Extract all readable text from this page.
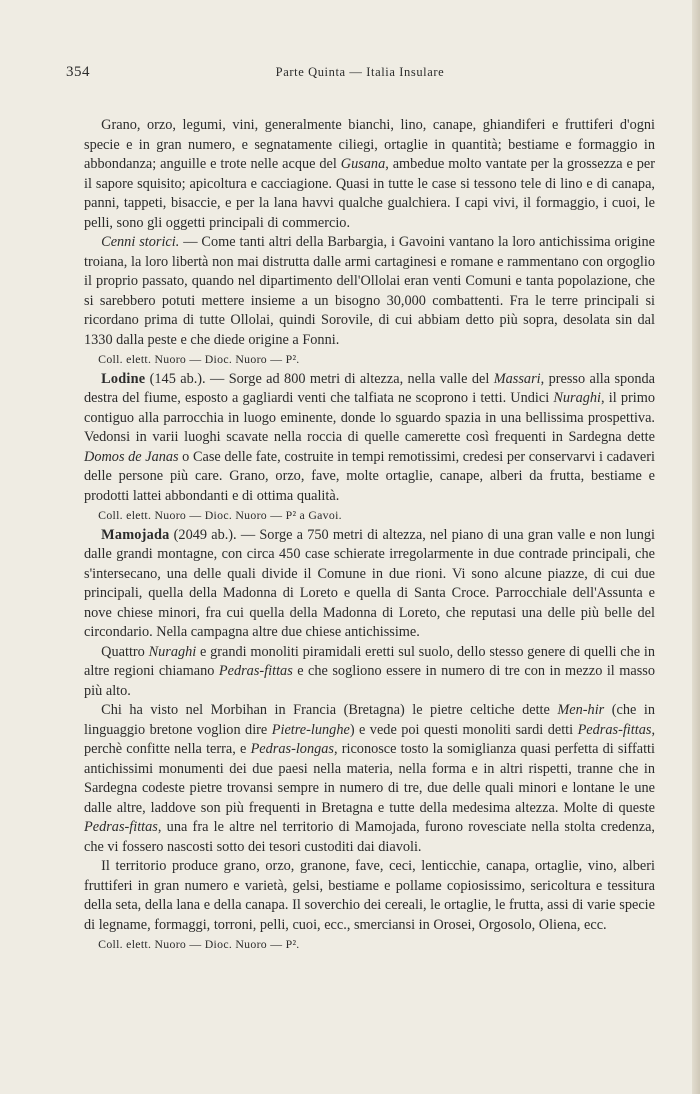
354	Parte Quinta — Italia Insulare

Grano, orzo, legumi, vini, generalmente bianchi, lino, canape, ghiandiferi e fruttiferi d'ogni specie e in gran numero, e segnatamente ciliegi, ortaglie in quantità; bestiame e formaggio in abbondanza; anguille e trote nelle acque del Gusana, ambedue molto vantate per la grossezza e per il sapore squisito; apicoltura e cacciagione. Quasi in tutte le case si tessono tele di lino e di canapa, panni, tappeti, bisaccie, e per la lana havvi qualche gualchiera. I capi vivi, il formaggio, i cuoi, le pelli, sono gli oggetti principali di commercio.

Cenni storici. — Come tanti altri della Barbargia, i Gavoini vantano la loro antichissima origine troiana, la loro libertà non mai distrutta dalle armi cartaginesi e romane e rammentano con orgoglio il proprio passato, quando nel dipartimento dell'Ollolai eran venti Comuni e tanta popolazione, che si sarebbero potuti mettere insieme a un bisogno 30,000 combattenti. Fra le terre principali si ricordano prima di tutte Ollolai, quindi Sorovile, di cui abbiam detto più sopra, desolata sin dal 1330 dalla peste e che diede origine a Fonni.

Coll. elett. Nuoro — Dioc. Nuoro — P².

Lodine (145 ab.). — Sorge ad 800 metri di altezza, nella valle del Massari, presso alla sponda destra del fiume, esposto a gagliardi venti che talfiata ne scoprono i tetti. Undici Nuraghi, il primo contiguo alla parrocchia in luogo eminente, donde lo sguardo spazia in una bellissima prospettiva. Vedonsi in varii luoghi scavate nella roccia di quelle camerette così frequenti in Sardegna dette Domos de Janas o Case delle fate, costruite in tempi remotissimi, credesi per conservarvi i cadaveri delle persone più care. Grano, orzo, fave, molte ortaglie, canape, alberi da frutta, bestiame e prodotti lattei abbondanti e di ottima qualità.

Coll. elett. Nuoro — Dioc. Nuoro — P² a Gavoi.

Mamojada (2049 ab.). — Sorge a 750 metri di altezza, nel piano di una gran valle e non lungi dalle grandi montagne, con circa 450 case schierate irregolarmente in due contrade principali, che s'intersecano, una delle quali divide il Comune in due rioni. Vi sono alcune piazze, di cui due principali, quella della Madonna di Loreto e quella di Santa Croce. Parrocchiale dell'Assunta e nove chiese minori, fra cui quella della Madonna di Loreto, che reputasi una delle più belle del circondario. Nella campagna altre due chiese antichissime.

Quattro Nuraghi e grandi monoliti piramidali eretti sul suolo, dello stesso genere di quelli che in altre regioni chiamano Pedras-fittas e che sogliono essere in numero di tre con in mezzo il masso più alto.

Chi ha visto nel Morbihan in Francia (Bretagna) le pietre celtiche dette Men-hir (che in linguaggio bretone voglion dire Pietre-lunghe) e vede poi questi monoliti sardi detti Pedras-fittas, perchè confitte nella terra, e Pedras-longas, riconosce tosto la somiglianza quasi perfetta di siffatti antichissimi monumenti dei due paesi nella materia, nella forma e in altri rispetti, tranne che in Sardegna codeste pietre trovansi sempre in numero di tre, due delle quali minori e lontane le une dalle altre, laddove son più frequenti in Bretagna e tutte della medesima altezza. Molte di queste Pedras-fittas, una fra le altre nel territorio di Mamojada, furono rovesciate nella stolta credenza, che vi fossero nascosti sotto dei tesori custoditi dai diavoli.

Il territorio produce grano, orzo, granone, fave, ceci, lenticchie, canapa, ortaglie, vino, alberi fruttiferi in gran numero e varietà, gelsi, bestiame e pollame copiosissimo, sericoltura e tessitura della seta, della lana e della canapa. Il soverchio dei cereali, le ortaglie, le frutta, assi di varie specie di legname, formaggi, torroni, pelli, cuoi, ecc., smerciansi in Orosei, Orgosolo, Oliena, ecc.

Coll. elett. Nuoro — Dioc. Nuoro — P².
